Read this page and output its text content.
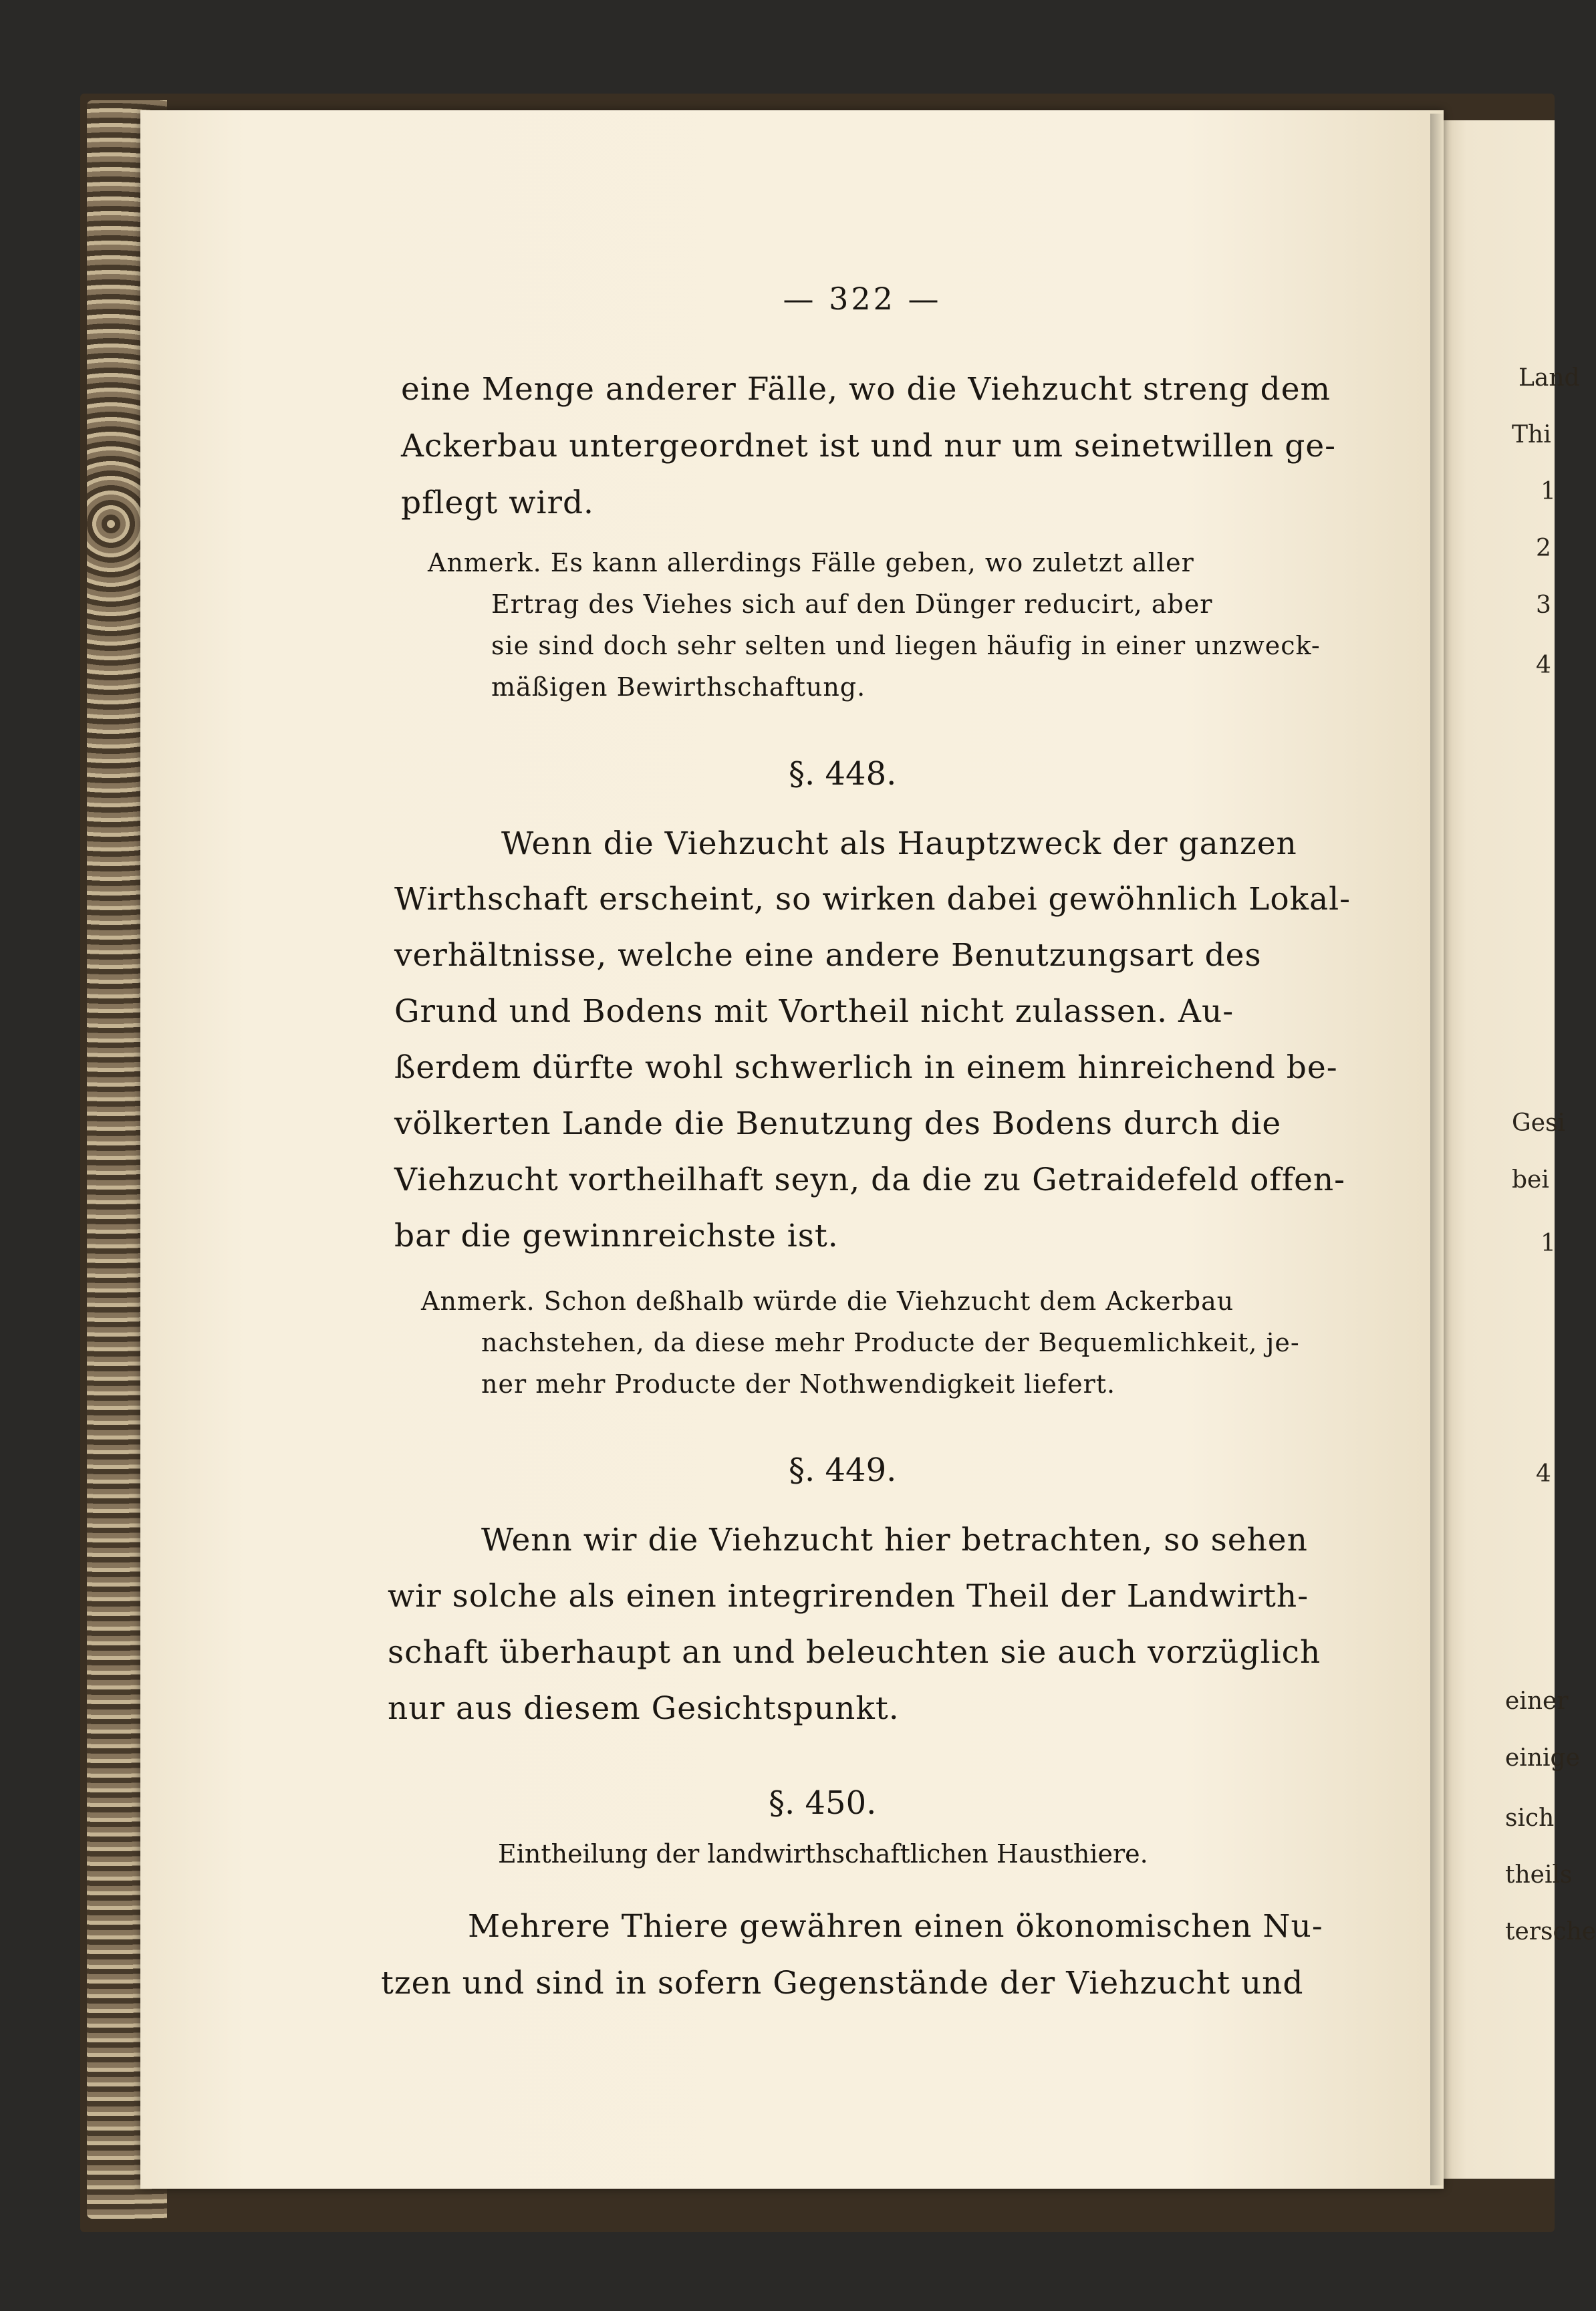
— 322 —
eine Menge anderer Fälle, wo die Viehzucht streng dem
Ackerbau untergeordnet ist und nur um seinetwillen ge-
pflegt wird.
Anmerk. Es kann allerdings Fälle geben, wo zuletzt aller
Ertrag des Viehes sich auf den Dünger reducirt, aber
sie sind doch sehr selten und liegen häufig in einer unzweck-
mäßigen Bewirthschaftung.
§. 448.
Wenn die Viehzucht als Hauptzweck der ganzen
Wirthschaft erscheint, so wirken dabei gewöhnlich Lokal-
verhältnisse, welche eine andere Benutzungsart des
Grund und Bodens mit Vortheil nicht zulassen. Au-
ßerdem dürfte wohl schwerlich in einem hinreichend be-
völkerten Lande die Benutzung des Bodens durch die
Viehzucht vortheilhaft seyn, da die zu Getraidefeld offen-
bar die gewinnreichste ist.
Anmerk. Schon deßhalb würde die Viehzucht dem Ackerbau
nachstehen, da diese mehr Producte der Bequemlichkeit, je-
ner mehr Producte der Nothwendigkeit liefert.
§. 449.
Wenn wir die Viehzucht hier betrachten, so sehen
wir solche als einen integrirenden Theil der Landwirth-
schaft überhaupt an und beleuchten sie auch vorzüglich
nur aus diesem Gesichtspunkt.
§. 450.
Eintheilung der landwirthschaftlichen Hausthiere.
Mehrere Thiere gewähren einen ökonomischen Nu-
tzen und sind in sofern Gegenstände der Viehzucht und
Land
Thi
1
2
3
4
Gesi
bei
1
4
einer
einige
sich
theils
tersche
